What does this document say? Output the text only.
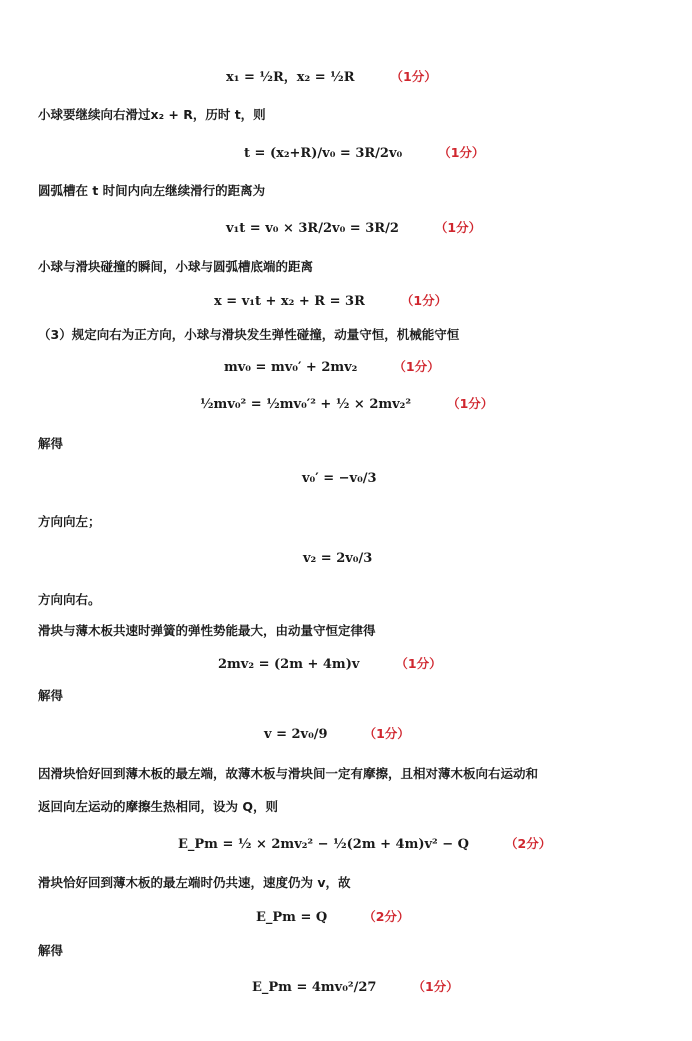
x₁ = ½R，x₂ = ½R	（1分）
小球要继续向右滑过x₂ + R，历时 t，则
t = (x₂+R)/v₀ = 3R/2v₀	（1分）
圆弧槽在 t 时间内向左继续滑行的距离为
v₁t = v₀ × 3R/2v₀ = 3R/2	（1分）
小球与滑块碰撞的瞬间，小球与圆弧槽底端的距离
x = v₁t + x₂ + R = 3R	（1分）
（3）规定向右为正方向，小球与滑块发生弹性碰撞，动量守恒，机械能守恒
mv₀ = mv₀′ + 2mv₂	（1分）
½mv₀² = ½mv₀′² + ½ × 2mv₂²	（1分）
解得
v₀′ = −v₀/3
方向向左；
v₂ = 2v₀/3
方向向右。
滑块与薄木板共速时弹簧的弹性势能最大，由动量守恒定律得
2mv₂ = (2m + 4m)v	（1分）
解得
v = 2v₀/9	（1分）
因滑块恰好回到薄木板的最左端，故薄木板与滑块间一定有摩擦，且相对薄木板向右运动和
返回向左运动的摩擦生热相同，设为 Q，则
E_Pm = ½ × 2mv₂² − ½(2m + 4m)v² − Q	（2分）
滑块恰好回到薄木板的最左端时仍共速，速度仍为 v，故
E_Pm = Q	（2分）
解得
E_Pm = 4mv₀²/27	（1分）
